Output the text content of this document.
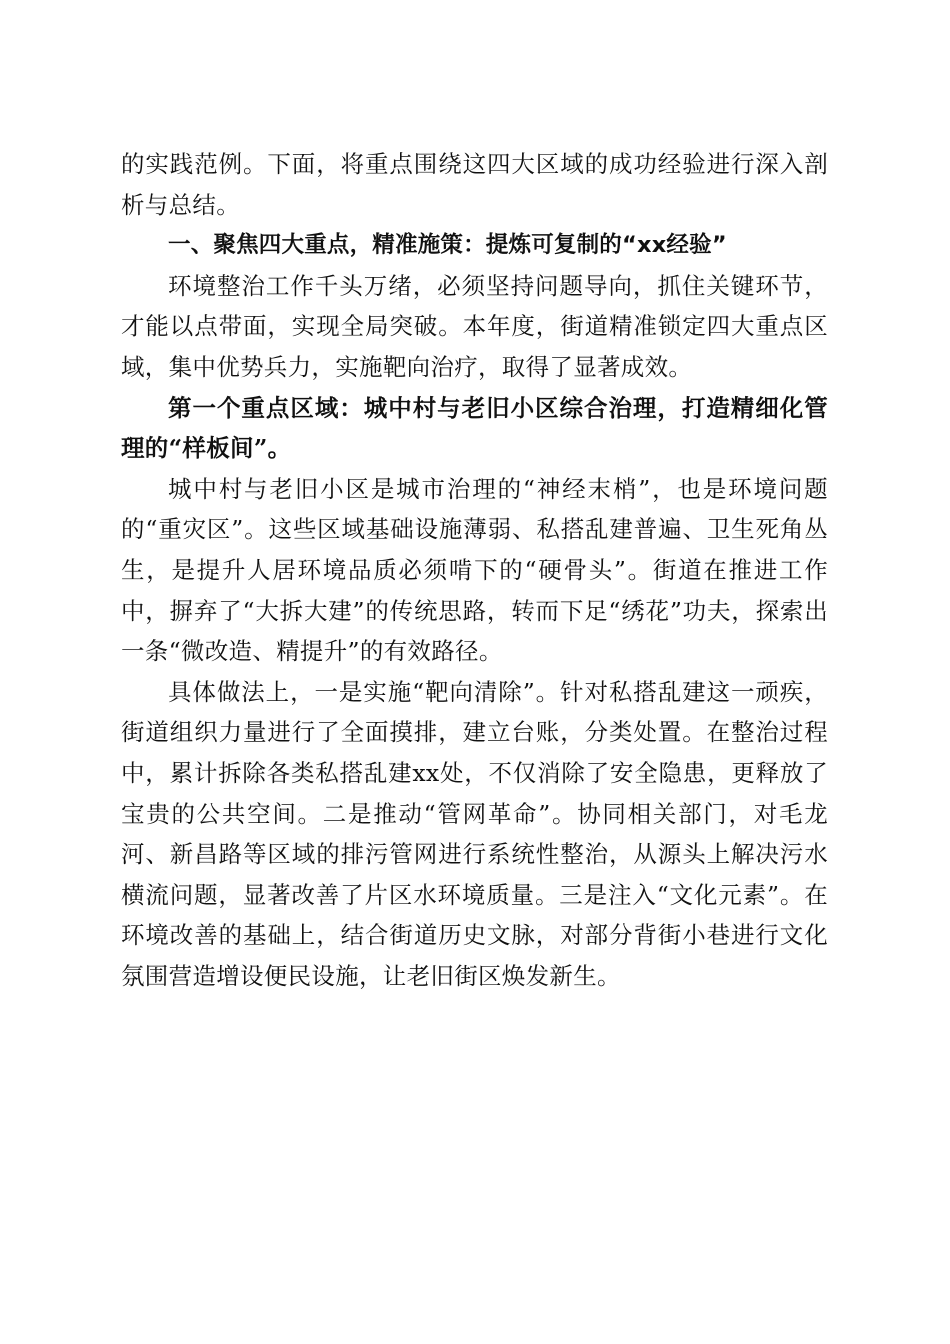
的实践范例。下面，将重点围绕这四大区域的成功经验进行深入剖析与总结。

一、聚焦四大重点，精准施策：提炼可复制的“xx经验”

环境整治工作千头万绪，必须坚持问题导向，抓住关键环节，才能以点带面，实现全局突破。本年度，街道精准锁定四大重点区域，集中优势兵力，实施靶向治疗，取得了显著成效。

第一个重点区域：城中村与老旧小区综合治理，打造精细化管理的“样板间”。

城中村与老旧小区是城市治理的“神经末梢”，也是环境问题的“重灾区”。这些区域基础设施薄弱、私搭乱建普遍、卫生死角丛生，是提升人居环境品质必须啃下的“硬骨头”。街道在推进工作中，摒弃了“大拆大建”的传统思路，转而下足“绣花”功夫，探索出一条“微改造、精提升”的有效路径。

具体做法上，一是实施“靶向清除”。针对私搭乱建这一顽疾，街道组织力量进行了全面摸排，建立台账，分类处置。在整治过程中，累计拆除各类私搭乱建xx处，不仅消除了安全隐患，更释放了宝贵的公共空间。二是推动“管网革命”。协同相关部门，对毛龙河、新昌路等区域的排污管网进行系统性整治，从源头上解决污水横流问题，显著改善了片区水环境质量。三是注入“文化元素”。在环境改善的基础上，结合街道历史文脉，对部分背街小巷进行文化氛围营造增设便民设施，让老旧街区焕发新生。
